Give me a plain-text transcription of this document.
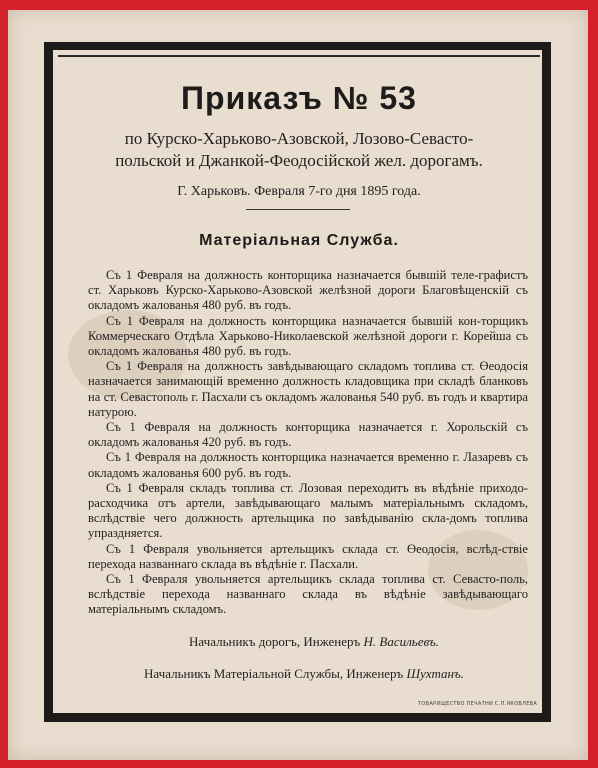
Приказъ № 53
по Курско-Харьково-Азовской, Лозово-Севасто-
польской и Джанкой-Феодосійской жел. дорогамъ.
Г. Харьковъ. Февраля 7-го дня 1895 года.
Матеріальная Служба.

Съ 1 Февраля на должность конторщика назначается бывшій теле-графистъ ст. Харьковъ Курско-Харьково-Азовской желѣзной дороги Благовѣщенскій съ окладомъ жалованья 480 руб. въ годъ.

Съ 1 Февраля на должность конторщика назначается бывшій кон-торщикъ Коммерческаго Отдѣла Харьково-Николаевской желѣзной дороги г. Корейша съ окладомъ жалованья 480 руб. въ годъ.

Съ 1 Февраля на должность завѣдывающаго складомъ топлива ст. Өеодосія назначается занимающій временно должность кладовщика при складѣ бланковъ на ст. Севастополь г. Пасхали съ окладомъ жалованья 540 руб. въ годъ и квартира натурою.

Съ 1 Февраля на должность конторщика назначается г. Хорольскій съ окладомъ жалованья 420 руб. въ годъ.

Съ 1 Февраля на должность конторщика назначается временно г. Лазаревъ съ окладомъ жалованья 600 руб. въ годъ.

Съ 1 Февраля складъ топлива ст. Лозовая переходитъ въ вѣдѣніе приходо-расходчика отъ артели, завѣдывающаго малымъ матеріальнымъ складомъ, вслѣдствіе чего должность артельщика по завѣдыванію скла-домъ топлива упраздняется.

Съ 1 Февраля увольняется артельщикъ склада ст. Өеодосія, вслѣд-ствіе перехода названнаго склада въ вѣдѣніе г. Пасхали.

Съ 1 Февраля увольняется артельщикъ склада топлива ст. Севасто-поль, вслѣдствіе перехода названнаго склада въ вѣдѣніе завѣдывающаго матеріальнымъ складомъ.

Начальникъ дорогъ, Инженеръ Н. Васильевъ.
Начальникъ Матеріальной Службы, Инженеръ Шухтанъ.
ТОВАРИЩЕСТВО ПЕЧАТНИ С.П.ЯКОВЛЕВА
